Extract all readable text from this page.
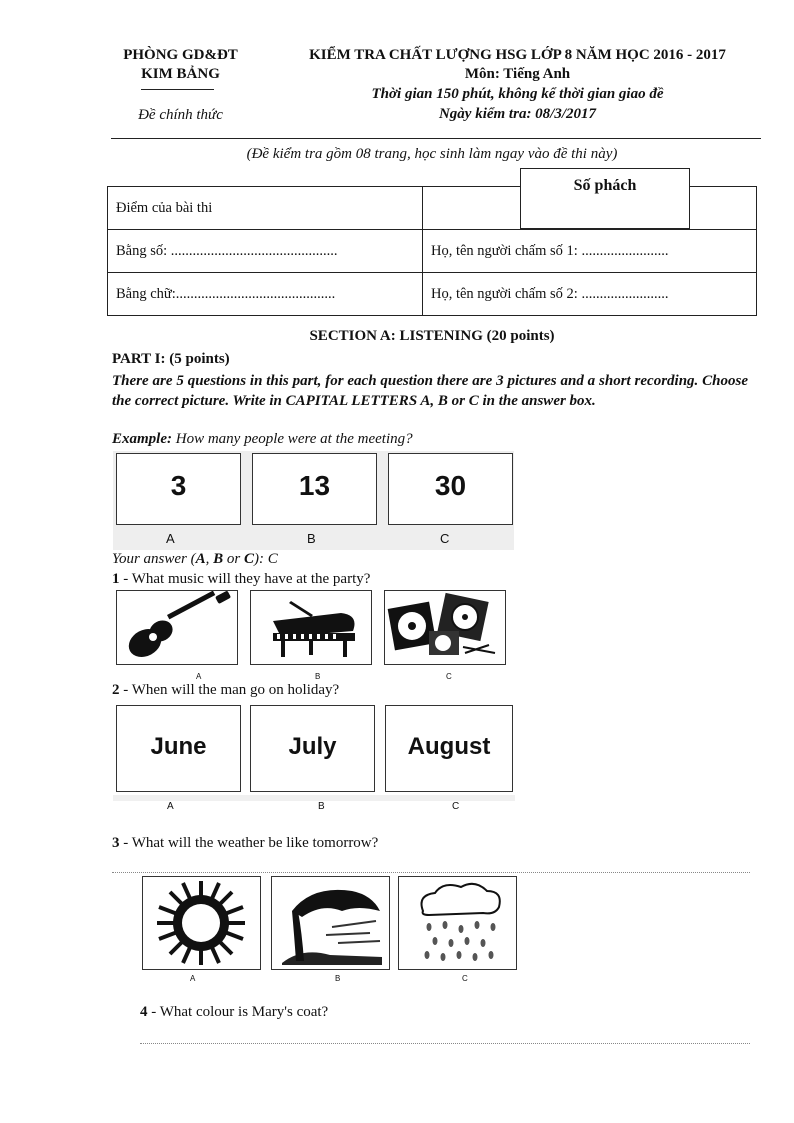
PHÒNG GD&ĐT
KIM BẢNG
Đề chính thức
KIỂM TRA CHẤT LƯỢNG HSG LỚP 8 NĂM HỌC 2016 - 2017
Môn: Tiếng Anh
Thời gian 150 phút, không kể thời gian giao đề
Ngày kiểm tra: 08/3/2017
(Đề kiểm tra gồm 08 trang, học sinh làm ngay vào đề thi này)
Điểm của bài thi	
Bằng số: ..............................................	Họ, tên người chấm số 1: ........................
Bằng chữ:............................................	Họ, tên người chấm số 2: ........................
Số phách
SECTION A: LISTENING (20 points)
PART I: (5 points)
There are 5 questions in this part, for each question there are 3 pictures and a short recording. Choose the correct picture. Write in CAPITAL LETTERS A, B or C in the answer box.
Example: How many people were at the meeting?
3	13	30
A	B	C
Your answer (A, B or C): C
1 - What music will they have at the party?
A	B	C
2 - When will the man go on holiday?
June	July	August
A	B	C
3 - What will the weather be like tomorrow?
A	B	C
4 - What colour is Mary's coat?
